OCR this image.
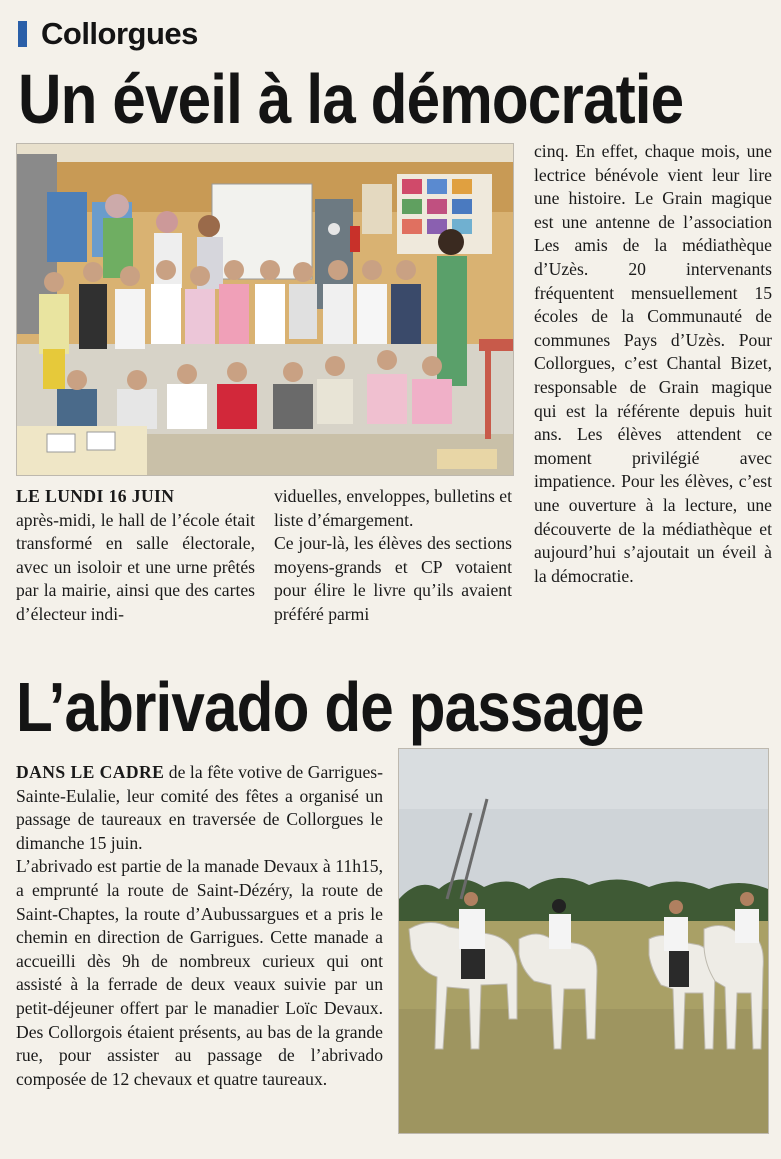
Collorgues
Un éveil à la démocratie

LE LUNDI 16 JUIN
après-midi, le hall de l’école était transformé en salle électorale, avec un isoloir et une urne prêtés par la mairie, ainsi que des cartes d’électeur indi-

viduelles, enveloppes, bulletins et liste d’émargement.

Ce jour-là, les élèves des sections moyens-grands et CP votaient pour élire le livre qu’ils avaient préféré parmi

cinq. En effet, chaque mois, une lectrice bénévole vient leur lire une histoire. Le Grain magique est une antenne de l’association Les amis de la médiathèque d’Uzès. 20 intervenants fréquentent mensuellement 15 écoles de la Communauté de communes Pays d’Uzès. Pour Collorgues, c’est Chantal Bizet, responsable de Grain magique qui est la référente depuis huit ans. Les élèves attendent ce moment privilégié avec impatience. Pour les élèves, c’est une ouverture à la lecture, une découverte de la médiathèque et aujourd’hui s’ajoutait un éveil à la démocratie.

L’abrivado de passage

DANS LE CADRE de la fête votive de Garrigues-Sainte-Eulalie, leur comité des fêtes a organisé un passage de taureaux en traversée de Collorgues le dimanche 15 juin.

L’abrivado est partie de la manade Devaux à 11h15, a emprunté la route de Saint-Dézéry, la route de Saint-Chaptes, la route d’Aubussargues et a pris le chemin en direction de Garrigues. Cette manade a accueilli dès 9h de nombreux curieux qui ont assisté à la ferrade de deux veaux suivie par un petit-déjeuner offert par le manadier Loïc Devaux. Des Collorgois étaient présents, au bas de la grande rue, pour assister au passage de l’abrivado composée de 12 chevaux et quatre taureaux.
